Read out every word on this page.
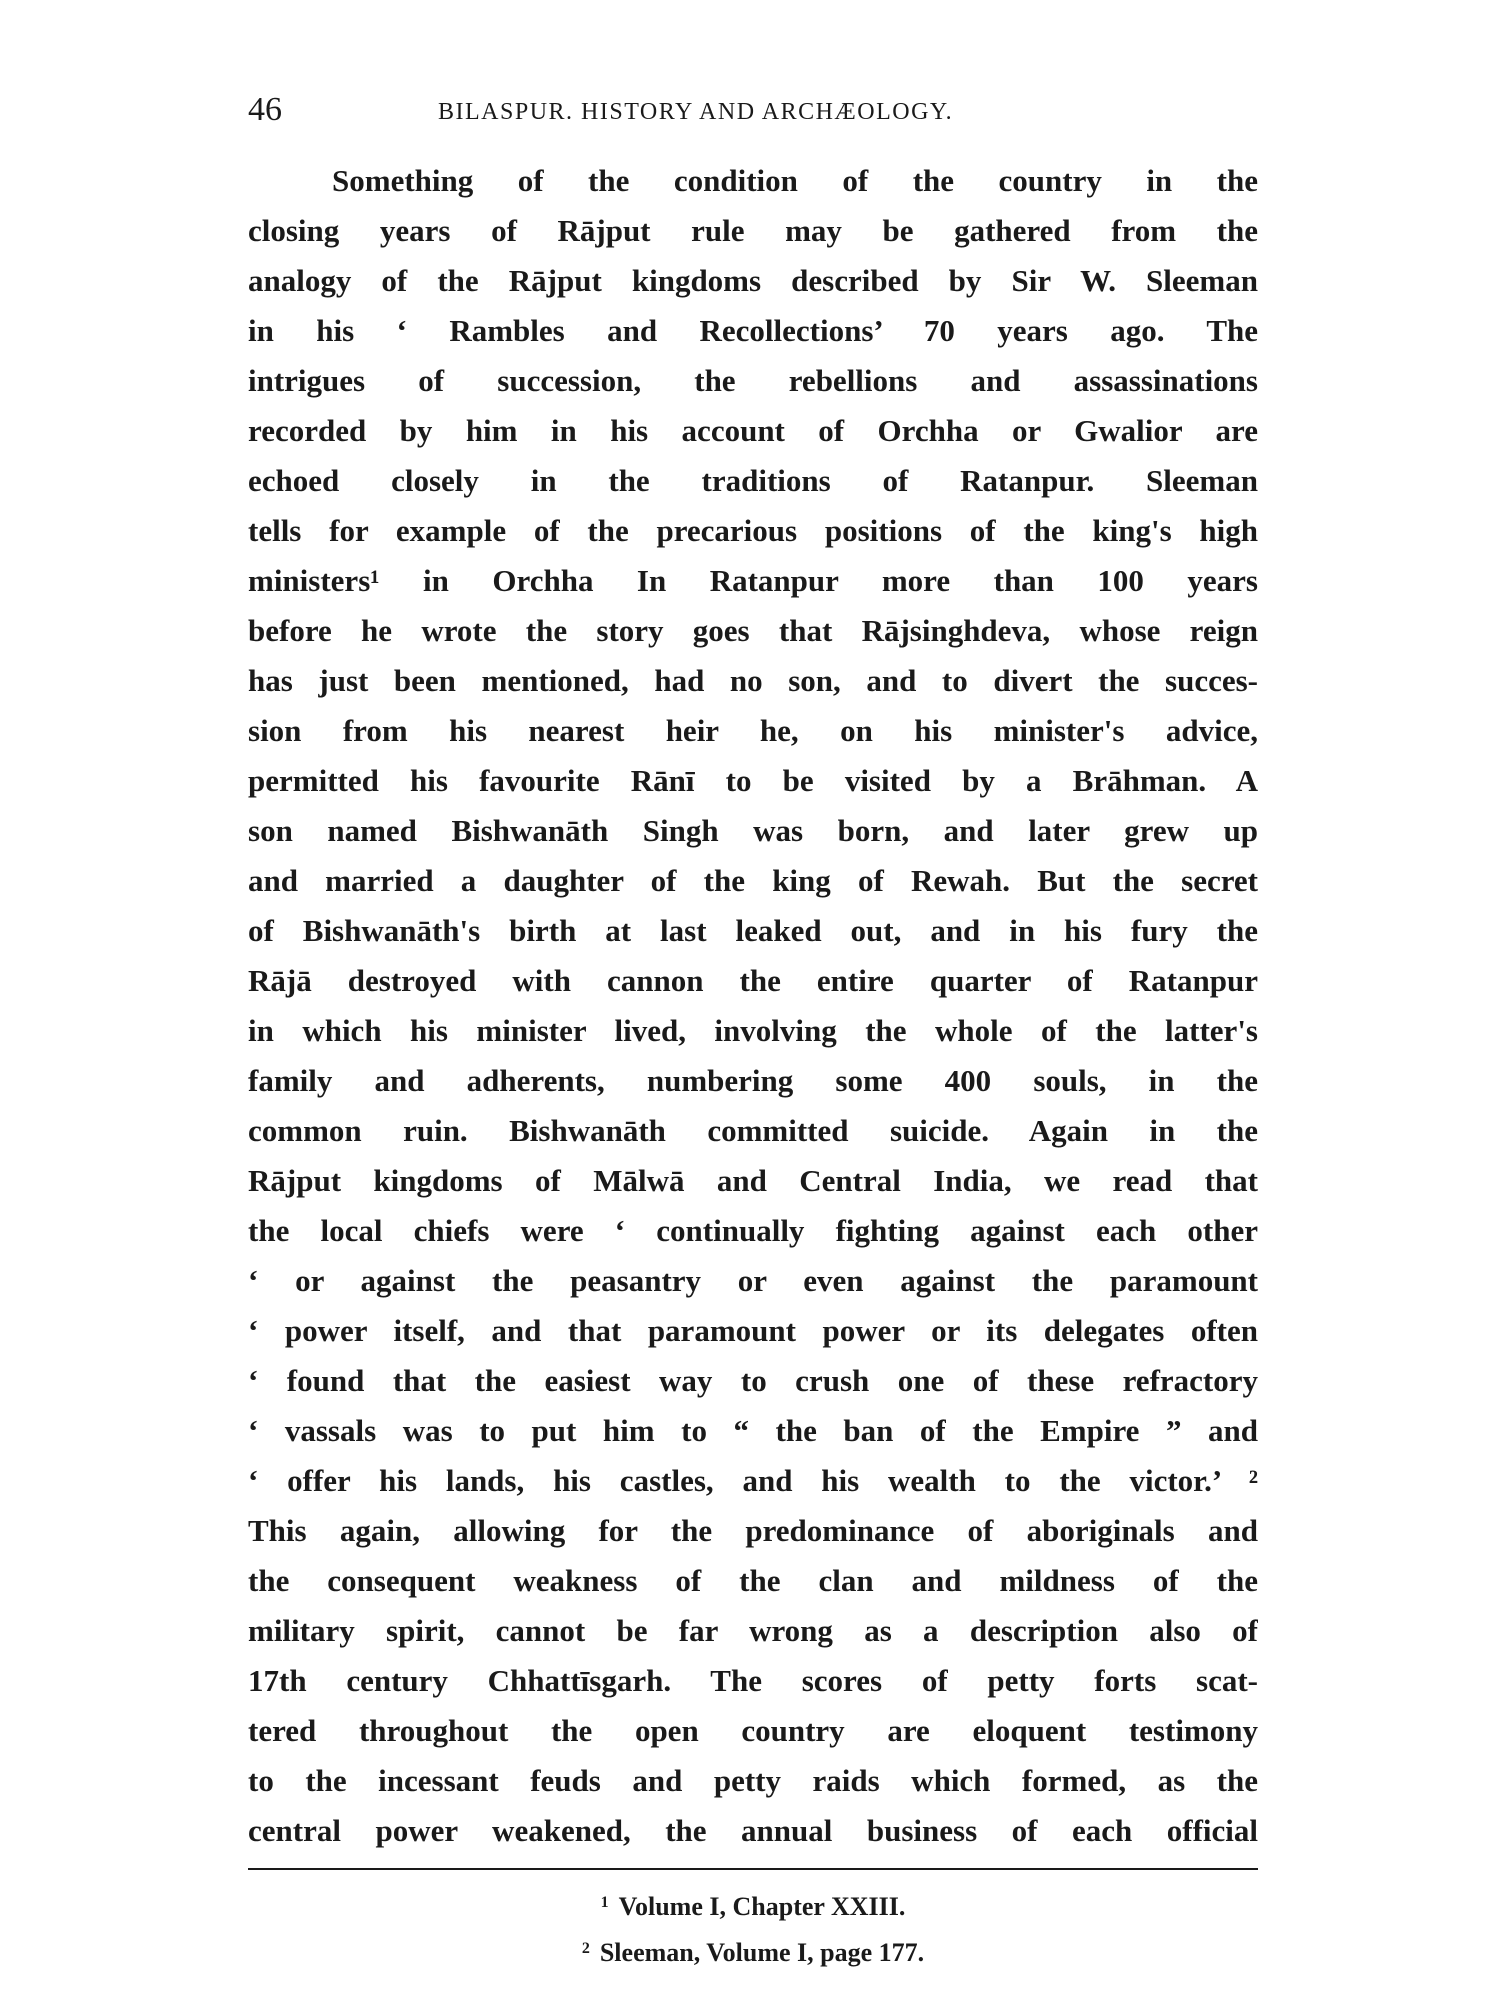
46	BILASPUR. HISTORY AND ARCHÆOLOGY.
Something of the condition of the country in the
closing years of Rājput rule may be gathered from the
analogy of the Rājput kingdoms described by Sir W. Sleeman
in his ‘ Rambles and Recollections’ 70 years ago. The
intrigues of succession, the rebellions and assassinations
recorded by him in his account of Orchha or Gwalior are
echoed closely in the traditions of Ratanpur. Sleeman
tells for example of the precarious positions of the king's high
ministers¹ in Orchha In Ratanpur more than 100 years
before he wrote the story goes that Rājsinghdeva, whose reign
has just been mentioned, had no son, and to divert the succes-
sion from his nearest heir he, on his minister's advice,
permitted his favourite Rānī to be visited by a Brāhman. A
son named Bishwanāth Singh was born, and later grew up
and married a daughter of the king of Rewah. But the secret
of Bishwanāth's birth at last leaked out, and in his fury the
Rājā destroyed with cannon the entire quarter of Ratanpur
in which his minister lived, involving the whole of the latter's
family and adherents, numbering some 400 souls, in the
common ruin. Bishwanāth committed suicide. Again in the
Rājput kingdoms of Mālwā and Central India, we read that
the local chiefs were ‘ continually fighting against each other
‘ or against the peasantry or even against the paramount
‘ power itself, and that paramount power or its delegates often
‘ found that the easiest way to crush one of these refractory
‘ vassals was to put him to “ the ban of the Empire ” and
‘ offer his lands, his castles, and his wealth to the victor.’ ²
This again, allowing for the predominance of aboriginals and
the consequent weakness of the clan and mildness of the
military spirit, cannot be far wrong as a description also of
17th century Chhattīsgarh. The scores of petty forts scat-
tered throughout the open country are eloquent testimony
to the incessant feuds and petty raids which formed, as the
central power weakened, the annual business of each official
$^1$ Volume I, Chapter XXIII.
$^2$ Sleeman, Volume I, page 177.
